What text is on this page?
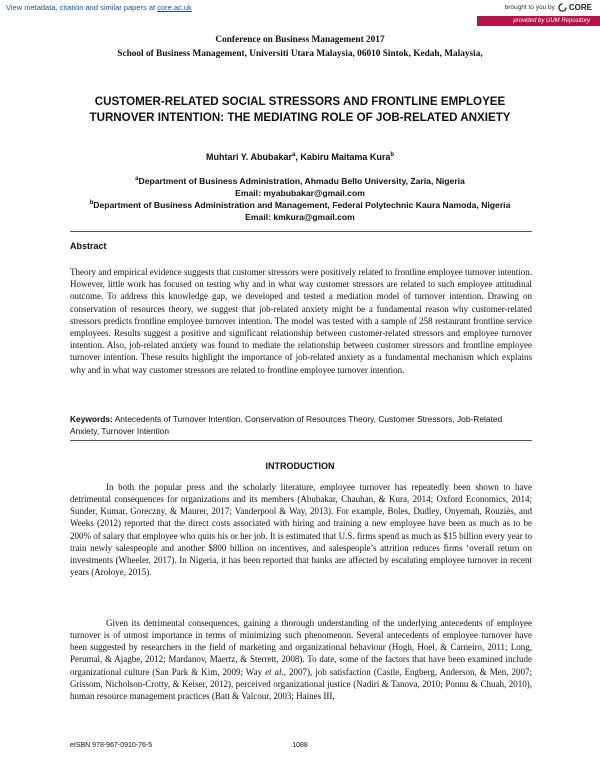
View metadata, citation and similar papers at core.ac.uk	brought to you by CORE
provided by UUM Repository
Conference on Business Management 2017
School of Business Management, Universiti Utara Malaysia, 06010 Sintok, Kedah, Malaysia,
CUSTOMER-RELATED SOCIAL STRESSORS AND FRONTLINE EMPLOYEE TURNOVER INTENTION: THE MEDIATING ROLE OF JOB-RELATED ANXIETY
Muhtari Y. Abubakar$^a$, Kabiru Maitama Kura$^b$
$^a$Department of Business Administration, Ahmadu Bello University, Zaria, Nigeria
Email: myabubakar@gmail.com
$^b$Department of Business Administration and Management, Federal Polytechnic Kaura Namoda, Nigeria
Email: kmkura@gmail.com
Abstract
Theory and empirical evidence suggests that customer stressors were positively related to frontline employee turnover intention. However, little work has focused on testing why and in what way customer stressors are related to such employee attitudinal outcome. To address this knowledge gap, we developed and tested a mediation model of turnover intention. Drawing on conservation of resources theory, we suggest that job-related anxiety might be a fundamental reason why customer-related stressors predicts frontline employee turnover intention. The model was tested with a sample of 258 restaurant frontline service employees. Results suggest a positive and significant relationship between customer-related stressors and employee turnover intention. Also, job-related anxiety was found to mediate the relationship between customer stressors and frontline employee turnover intention. These results highlight the importance of job-related anxiety as a fundamental mechanism which explains why and in what way customer stressors are related to frontline employee turnover intention.
Keywords: Antecedents of Turnover Intention, Conservation of Resources Theory, Customer Stressors, Job-Related Anxiety, Turnover Intention
INTRODUCTION

In both the popular press and the scholarly literature, employee turnover has repeatedly been shown to have detrimental consequences for organizations and its members (Abubakar, Chauhan, & Kura, 2014; Oxford Economics, 2014; Sunder, Kumar, Goreczny, & Maurer, 2017; Vanderpool & Way, 2013). For example, Boles, Dudley, Onyemah, Rouziès, and Weeks (2012) reported that the direct costs associated with hiring and training a new employee have been as much as to be 200% of salary that employee who quits his or her job. It is estimated that U.S. firms spend as much as $15 billion every year to train newly salespeople and another $800 billion on incentives, and salespeople’s attrition reduces firms ‘overall return on investments (Wheeler, 2017). In Nigeria, it has been reported that banks are affected by escalating employee turnover in recent years (Aroloye, 2015).

Given its detrimental consequences, gaining a thorough understanding of the underlying antecedents of employee turnover is of utmost importance in terms of minimizing such phenomenon. Several antecedents of employee turnover have been suggested by researchers in the field of marketing and organizational behaviour (Hogh, Hoel, & Carneiro, 2011; Long, Perumal, & Ajagbe, 2012; Mardanov, Maertz, & Sterrett, 2008). To date, some of the factors that have been examined include organizational culture (San Park & Kim, 2009; Way et al., 2007), job satisfaction (Castle, Engberg, Anderson, & Men, 2007; Grissom, Nicholson-Crotty, & Keiser, 2012), perceived organizational justice (Nadiri & Tanova, 2010; Ponnu & Chuah, 2010), human resource management practices (Batt & Valcour, 2003; Haines III,

eISBN 978-967-0910-76-5	1088
